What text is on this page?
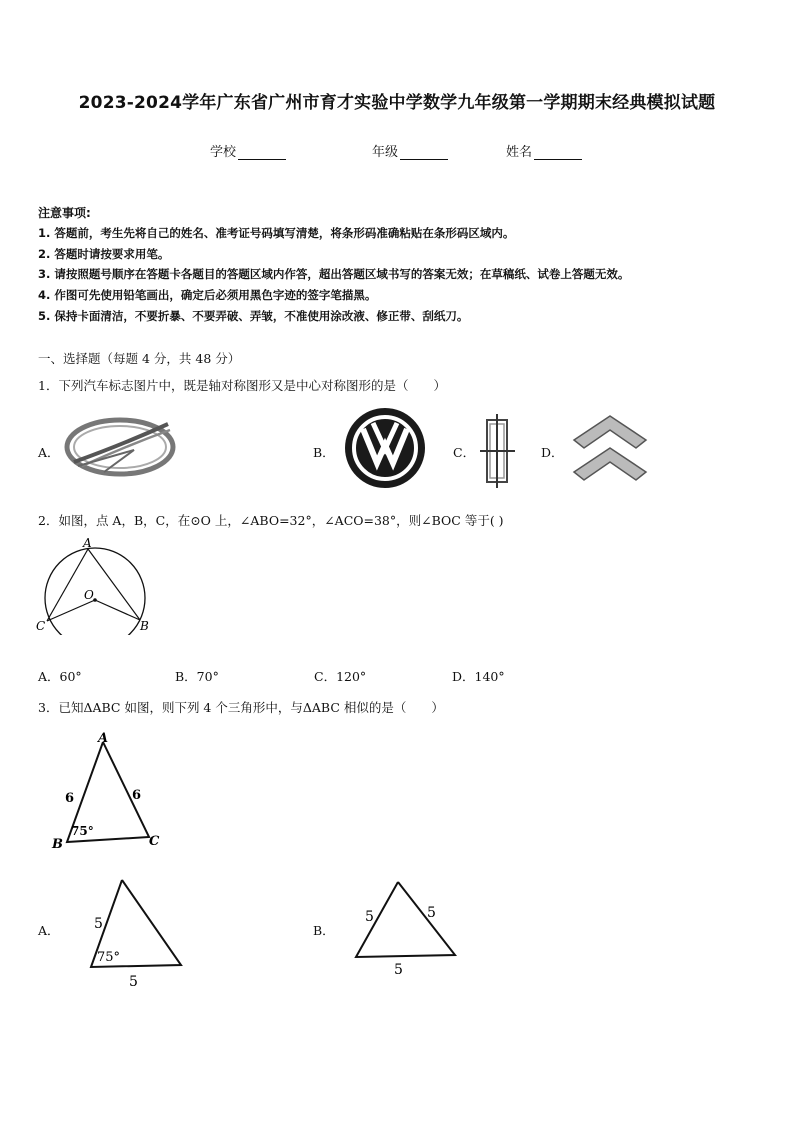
2023-2024学年广东省广州市育才实验中学数学九年级第一学期期末经典模拟试题
学校	年级	姓名
注意事项:
1. 答题前，考生先将自己的姓名、准考证号码填写清楚，将条形码准确粘贴在条形码区域内。
2. 答题时请按要求用笔。
3. 请按照题号顺序在答题卡各题目的答题区域内作答，超出答题区域书写的答案无效；在草稿纸、试卷上答题无效。
4. 作图可先使用铅笔画出，确定后必须用黑色字迹的签字笔描黑。
5. 保持卡面清洁，不要折暴、不要弄破、弄皱，不准使用涂改液、修正带、刮纸刀。
一、选择题（每题 4 分，共 48 分）
1．下列汽车标志图片中，既是轴对称图形又是中心对称图形的是（　　）
A．	B．	C．	D．
2．如图，点 A，B，C，在⊙O 上，∠ABO=32°，∠ACO=38°，则∠BOC 等于( )
A
O
C	B
A．60°	B．70°	C．120°	D．140°
3．已知ΔABC 如图，则下列 4 个三角形中，与ΔABC 相似的是（　　）
A
B	C
6	6
75°
A． 5
5
75°
B．
5	5
5
